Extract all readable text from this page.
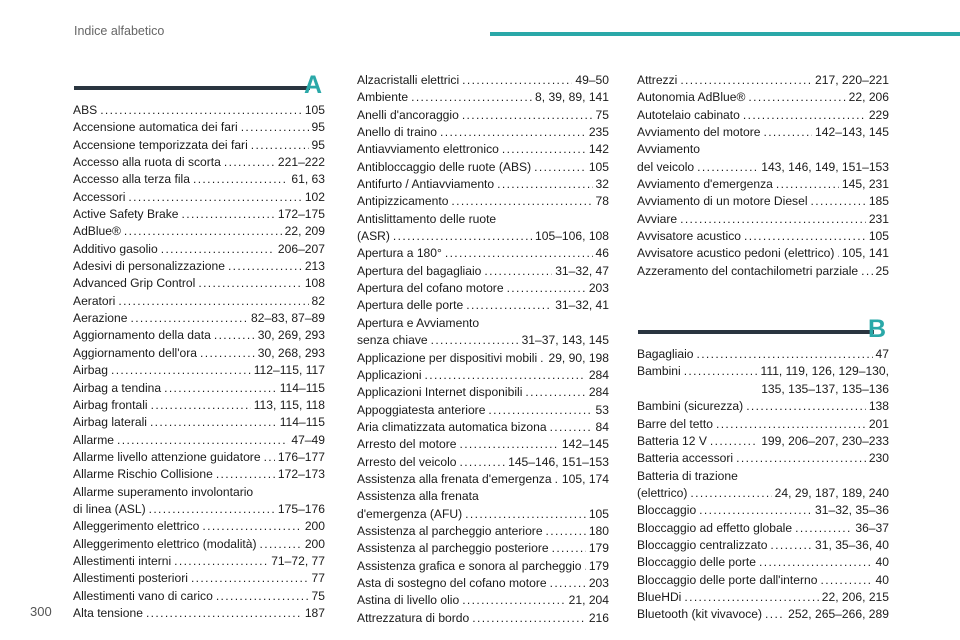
Indice alfabetico
A
ABS . . .	105
Accensione automatica dei fari . . .	95
Accensione temporizzata dei fari . . .	95
Accesso alla ruota di scorta . . .	221–222
Accesso alla terza fila . . .	61, 63
Accessori . . .	102
Active Safety Brake . . .	172–175
AdBlue® . . .	22, 209
Additivo gasolio . . .	206–207
Adesivi di personalizzazione . . .	213
Advanced Grip Control . . .	108
Aeratori . . .	82
Aerazione . . .	82–83, 87–89
Aggiornamento della data . . .	30, 269, 293
Aggiornamento dell'ora . . .	30, 268, 293
Airbag . . .	112–115, 117
Airbag a tendina . . .	114–115
Airbag frontali . . .	113, 115, 118
Airbag laterali . . .	114–115
Allarme . . .	47–49
Allarme livello attenzione guidatore . . . 176–177
Allarme Rischio Collisione . . .	172–173
Allarme superamento involontario
di linea (ASL) . . .	175–176
Alleggerimento elettrico . . .	200
Alleggerimento elettrico (modalità) . . .	200
Allestimenti interni . . .	71–72, 77
Allestimenti posteriori . . .	77
Allestimenti vano di carico . . .	75
Alta tensione . . .	187
Alzacristalli elettrici . . .	49–50
Ambiente . . .	8, 39, 89, 141
Anelli d'ancoraggio . . .	75
Anello di traino . . .	235
Antiavviamento elettronico . . .	142
Antibloccaggio delle ruote (ABS) . . .	105
Antifurto / Antiavviamento . . .	32
Antipizzicamento . . .	78
Antislittamento delle ruote
(ASR) . . .	105–106, 108
Apertura a 180° . . .	46
Apertura del bagagliaio . . .	31–32, 47
Apertura del cofano motore . . .	203
Apertura delle porte . . .	31–32, 41
Apertura e Avviamento
senza chiave . . .	31–37, 143, 145
Applicazione per dispositivi mobili . . . 29, 90, 198
Applicazioni . . .	284
Applicazioni Internet disponibili . . .	284
Appoggiatesta anteriore . . .	53
Aria climatizzata automatica bizona . . .	84
Arresto del motore . . .	142–145
Arresto del veicolo . . .	145–146, 151–153
Assistenza alla frenata d'emergenza . . . 105, 174
Assistenza alla frenata
d'emergenza (AFU) . . .	105
Assistenza al parcheggio anteriore . . .	180
Assistenza al parcheggio posteriore . . .	179
Assistenza grafica e sonora al parcheggio . . . 179
Asta di sostegno del cofano motore . . .	203
Astina di livello olio . . .	21, 204
Attrezzatura di bordo . . .	216
Attrezzi . . .	217, 220–221
Autonomia AdBlue® . . .	22, 206
Autotelaio cabinato . . .	229
Avviamento del motore . . .	142–143, 145
Avviamento
del veicolo . . .	143, 146, 149, 151–153
Avviamento d'emergenza . . .	145, 231
Avviamento di un motore Diesel . . .	185
Avviare . . .	231
Avvisatore acustico . . .	105
Avvisatore acustico pedoni (elettrico) . . . 105, 141
Azzeramento del contachilometri parziale . . . 25
B
Bagagliaio . . .	47
Bambini . . .	111, 119, 126, 129–130,
135, 135–137, 135–136
Bambini (sicurezza) . . .	138
Barre del tetto . . .	201
Batteria 12 V . . .	199, 206–207, 230–233
Batteria accessori . . .	230
Batteria di trazione
(elettrico) . . .	24, 29, 187, 189, 240
Bloccaggio . . .	31–32, 35–36
Bloccaggio ad effetto globale . . .	36–37
Bloccaggio centralizzato . . .	31, 35–36, 40
Bloccaggio delle porte . . .	40
Bloccaggio delle porte dall'interno . . .	40
BlueHDi . . .	22, 206, 215
Bluetooth (kit vivavoce) . . . 252, 265–266, 289
300
